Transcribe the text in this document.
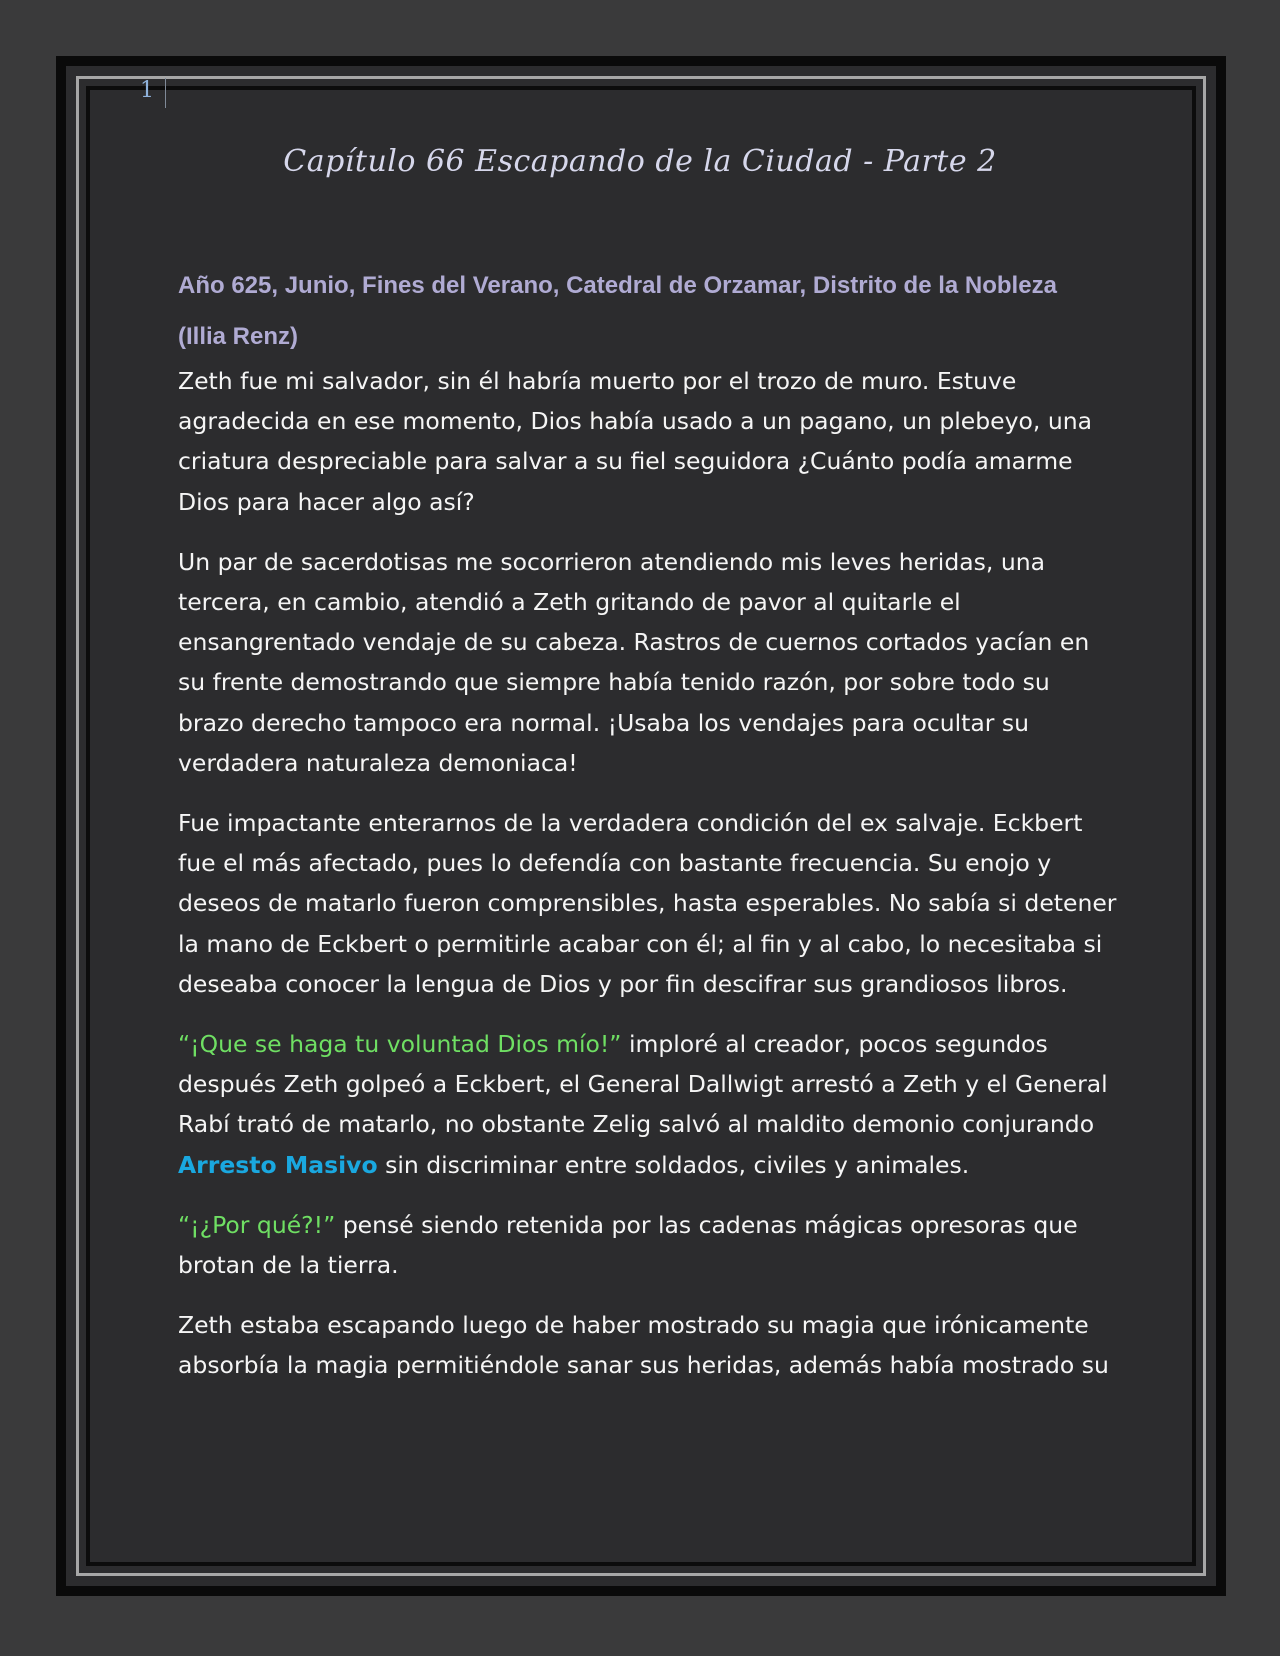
1
Capítulo 66 Escapando de la Ciudad - Parte 2

Año 625, Junio, Fines del Verano, Catedral de Orzamar, Distrito de la Nobleza

(Illia Renz)

Zeth fue mi salvador, sin él habría muerto por el trozo de muro. Estuve agradecida en ese momento, Dios había usado a un pagano, un plebeyo, una criatura despreciable para salvar a su fiel seguidora ¿Cuánto podía amarme Dios para hacer algo así?

Un par de sacerdotisas me socorrieron atendiendo mis leves heridas, una tercera, en cambio, atendió a Zeth gritando de pavor al quitarle el ensangrentado vendaje de su cabeza. Rastros de cuernos cortados yacían en su frente demostrando que siempre había tenido razón, por sobre todo su brazo derecho tampoco era normal. ¡Usaba los vendajes para ocultar su verdadera naturaleza demoniaca!

Fue impactante enterarnos de la verdadera condición del ex salvaje. Eckbert fue el más afectado, pues lo defendía con bastante frecuencia. Su enojo y deseos de matarlo fueron comprensibles, hasta esperables. No sabía si detener la mano de Eckbert o permitirle acabar con él; al fin y al cabo, lo necesitaba si deseaba conocer la lengua de Dios y por fin descifrar sus grandiosos libros.

“¡Que se haga tu voluntad Dios mío!” imploré al creador, pocos segundos después Zeth golpeó a Eckbert, el General Dallwigt arrestó a Zeth y el General Rabí trató de matarlo, no obstante Zelig salvó al maldito demonio conjurando Arresto Masivo sin discriminar entre soldados, civiles y animales.

“¡¿Por qué?!” pensé siendo retenida por las cadenas mágicas opresoras que brotan de la tierra.

Zeth estaba escapando luego de haber mostrado su magia que irónicamente absorbía la magia permitiéndole sanar sus heridas, además había mostrado su
